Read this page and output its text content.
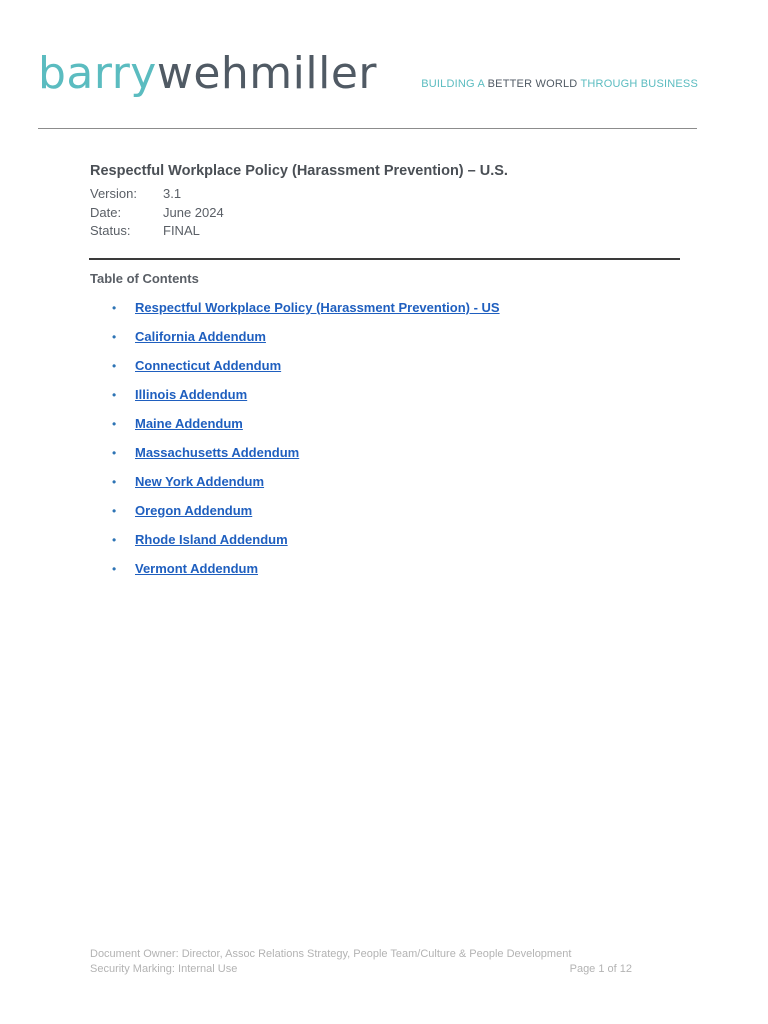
barrywehmiller	BUILDING A BETTER WORLD THROUGH BUSINESS
Respectful Workplace Policy (Harassment Prevention) – U.S.
Version:	3.1
Date:	June 2024
Status:	FINAL
Table of Contents
•	Respectful Workplace Policy (Harassment Prevention) - US
•	California Addendum
•	Connecticut Addendum
•	Illinois Addendum
•	Maine Addendum
•	Massachusetts Addendum
•	New York Addendum
•	Oregon Addendum
•	Rhode Island Addendum
•	Vermont Addendum
Document Owner: Director, Assoc Relations Strategy, People Team/Culture & People Development
Security Marking: Internal Use	Page 1 of 12
